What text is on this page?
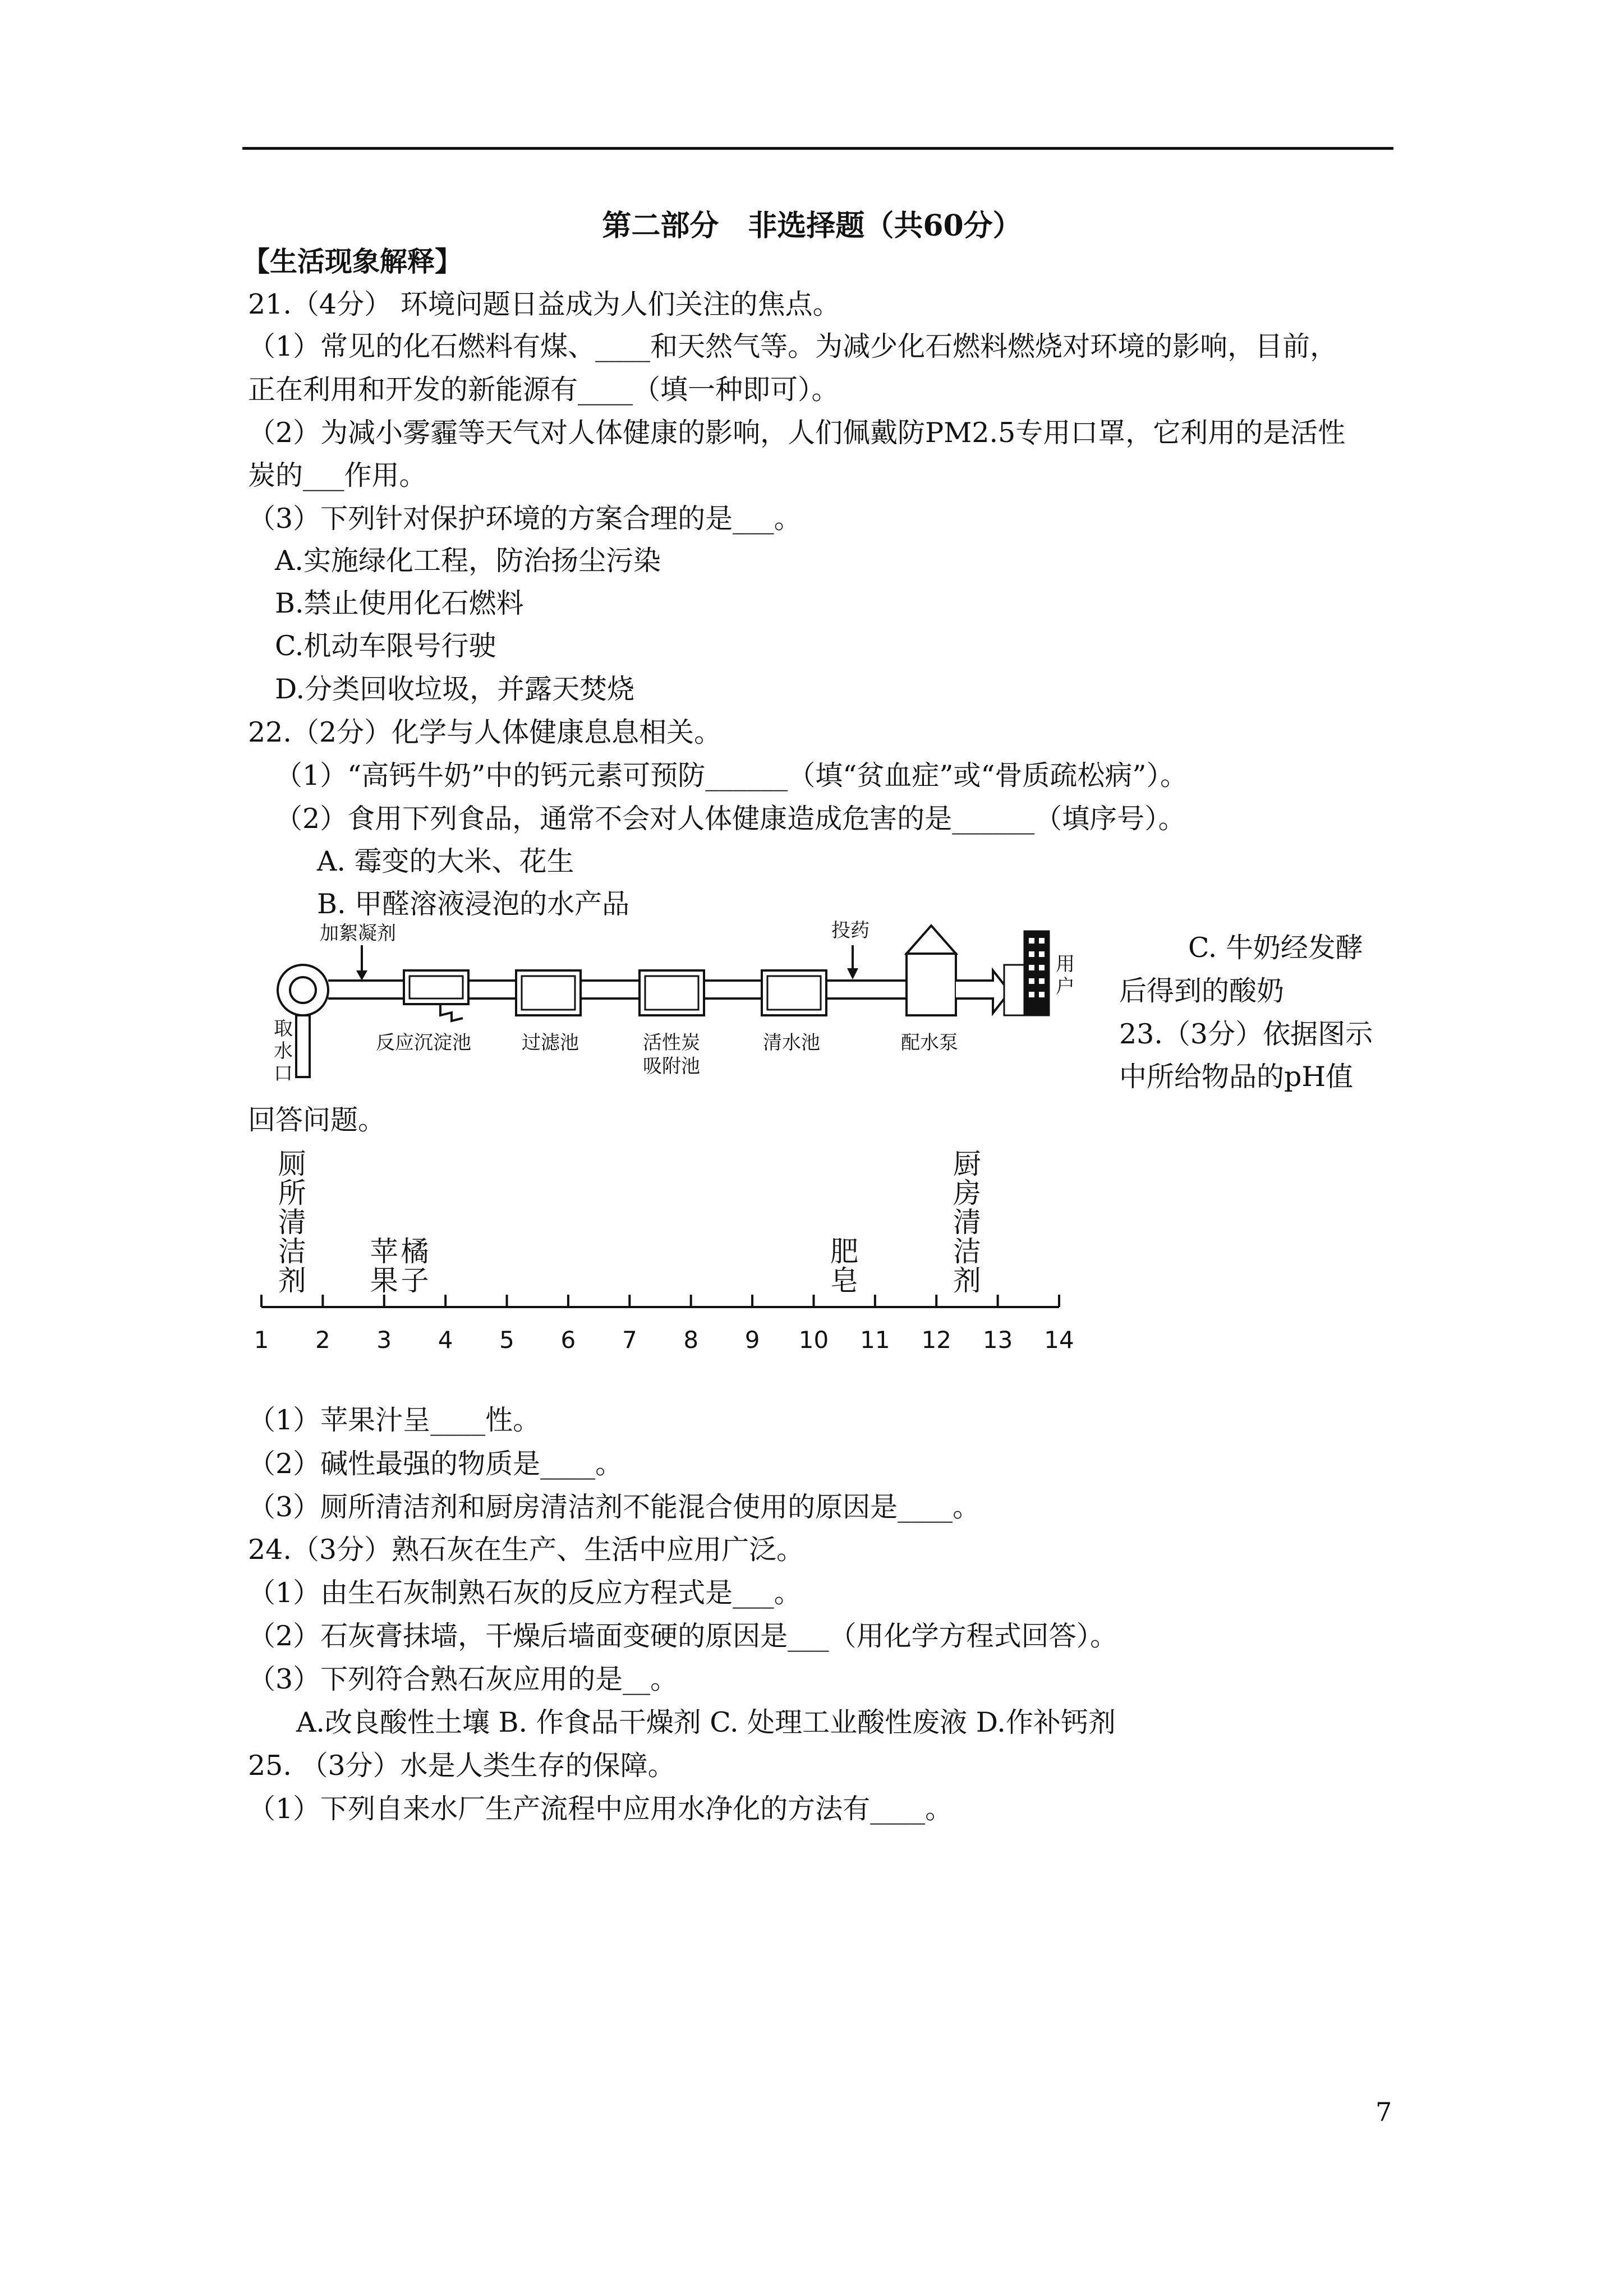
第二部分　非选择题（共60分）
【生活现象解释】
21.（4分） 环境问题日益成为人们关注的焦点。
（1）常见的化石燃料有煤、____和天然气等。为减少化石燃料燃烧对环境的影响，目前，
正在利用和开发的新能源有____（填一种即可）。
（2）为减小雾霾等天气对人体健康的影响，人们佩戴防PM2.5专用口罩，它利用的是活性
炭的___作用。
（3）下列针对保护环境的方案合理的是___。
A.实施绿化工程，防治扬尘污染
B.禁止使用化石燃料
C.机动车限号行驶
D.分类回收垃圾，并露天焚烧
22.（2分）化学与人体健康息息相关。
（1）“高钙牛奶”中的钙元素可预防______（填“贫血症”或“骨质疏松病”）。
（2）食用下列食品，通常不会对人体健康造成危害的是______（填序号）。
A. 霉变的大米、花生
B. 甲醛溶液浸泡的水产品
取
水
口
加絮凝剂
反应沉淀池	过滤池	活性炭
吸附池
清水池
投药
配水泵
用
户
C. 牛奶经发酵
后得到的酸奶
23.（3分）依据图示
中所给物品的pH值
回答问题。
1 2 3 4 5 6 7 8 9 10 11 12 13 14
厕所清洁剂
苹果
橘子
肥皂
厨房清洁剂
（1）苹果汁呈____性。
（2）碱性最强的物质是____。
（3）厕所清洁剂和厨房清洁剂不能混合使用的原因是____。
24.（3分）熟石灰在生产、生活中应用广泛。
（1）由生石灰制熟石灰的反应方程式是___。
（2）石灰膏抹墙，干燥后墙面变硬的原因是___（用化学方程式回答）。
（3）下列符合熟石灰应用的是__。
A.改良酸性土壤 B. 作食品干燥剂 C. 处理工业酸性废液 D.作补钙剂
25. （3分）水是人类生存的保障。
（1）下列自来水厂生产流程中应用水净化的方法有____。
7
